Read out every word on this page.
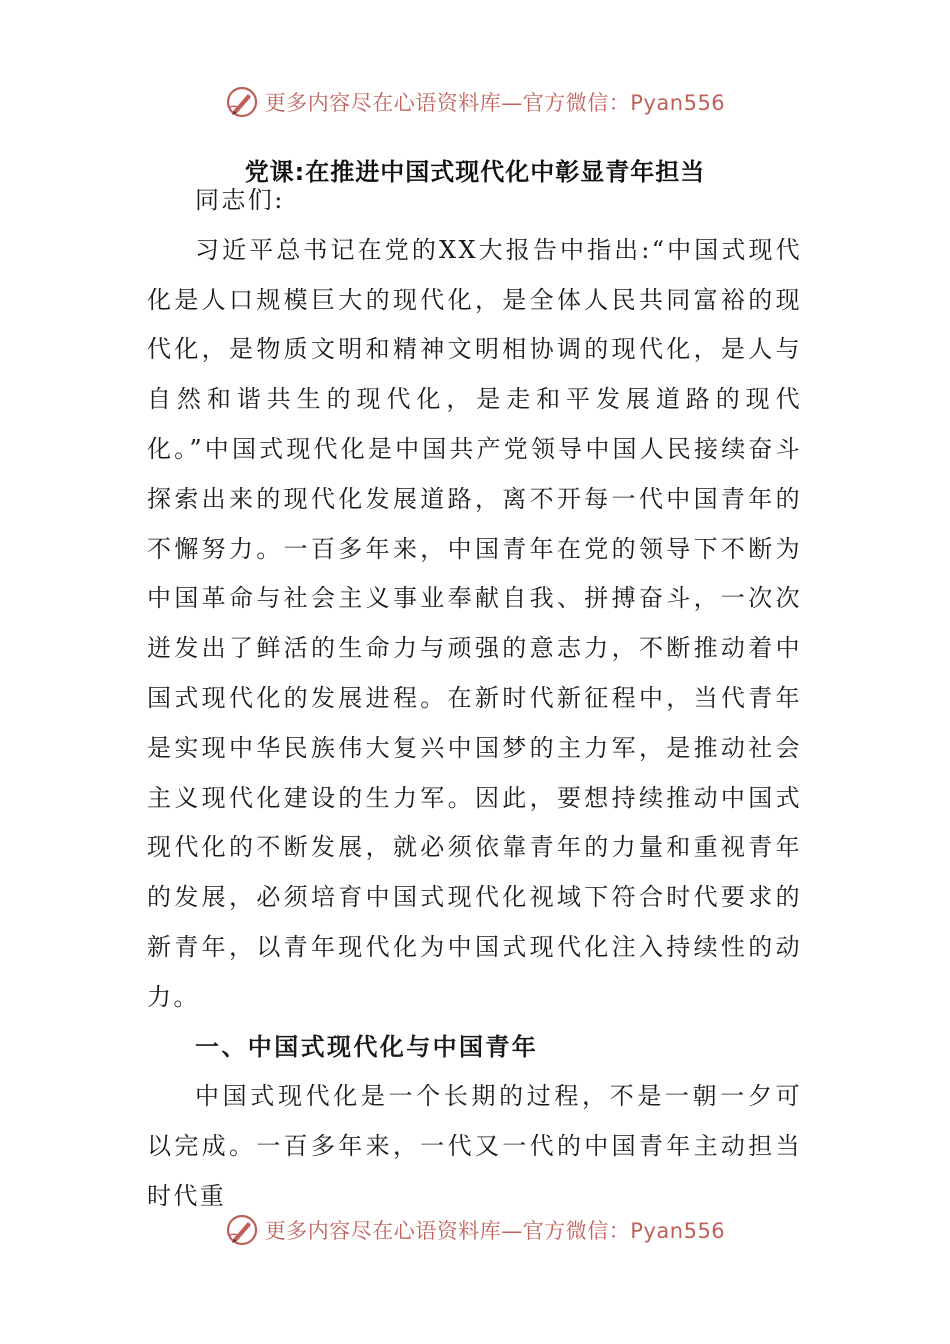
更多内容尽在心语资料库—官方微信：Pyan556
党课:在推进中国式现代化中彰显青年担当

同志们:

习近平总书记在党的XX大报告中指出:“中国式现代化是人口规模巨大的现代化，是全体人民共同富裕的现代化，是物质文明和精神文明相协调的现代化，是人与自然和谐共生的现代化，是走和平发展道路的现代化。”中国式现代化是中国共产党领导中国人民接续奋斗探索出来的现代化发展道路，离不开每一代中国青年的不懈努力。一百多年来，中国青年在党的领导下不断为中国革命与社会主义事业奉献自我、拼搏奋斗，一次次迸发出了鲜活的生命力与顽强的意志力，不断推动着中国式现代化的发展进程。在新时代新征程中，当代青年是实现中华民族伟大复兴中国梦的主力军，是推动社会主义现代化建设的生力军。因此，要想持续推动中国式现代化的不断发展，就必须依靠青年的力量和重视青年的发展，必须培育中国式现代化视域下符合时代要求的新青年，以青年现代化为中国式现代化注入持续性的动力。

一、中国式现代化与中国青年

中国式现代化是一个长期的过程，不是一朝一夕可以完成。一百多年来，一代又一代的中国青年主动担当时代重

更多内容尽在心语资料库—官方微信：Pyan556
